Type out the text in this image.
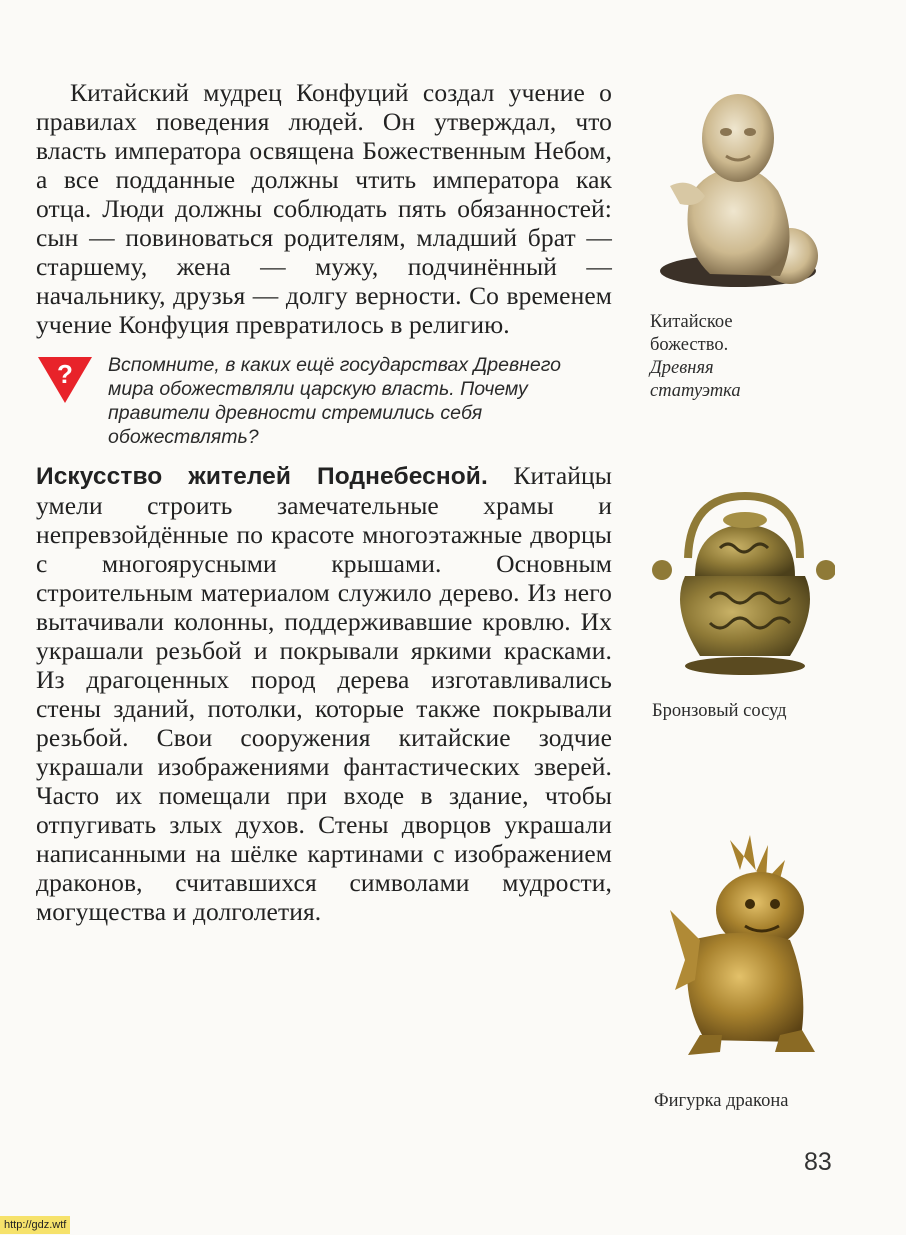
Китайский мудрец Конфуций создал учение о правилах поведения людей. Он утверждал, что власть императора освящена Божественным Небом, а все подданные должны чтить императора как отца. Люди должны соблюдать пять обязанностей: сын — повиноваться родителям, младший брат — старшему, жена — мужу, подчинённый — начальнику, друзья — долгу верности. Со временем учение Конфуция превратилось в религию.

? Вспомните, в каких ещё государствах Древнего мира обожествляли царскую власть. Почему правители древности стремились себя обожествлять?

Искусство жителей Поднебесной. Китайцы умели строить замечательные храмы и непревзойдённые по красоте многоэтажные дворцы с многоярусными крышами. Основным строительным материалом служило дерево. Из него вытачивали колонны, поддерживавшие кровлю. Их украшали резьбой и покрывали яркими красками. Из драгоценных пород дерева изготавливались стены зданий, потолки, которые также покрывали резьбой. Свои сооружения китайские зодчие украшали изображениями фантастических зверей. Часто их помещали при входе в здание, чтобы отпугивать злых духов. Стены дворцов украшали написанными на шёлке картинами с изображением драконов, считавшихся символами мудрости, могущества и долголетия.

Китайское

божество.

Древняя

статуэтка

Бронзовый сосуд

Фигурка дракона

83
http://gdz.wtf
